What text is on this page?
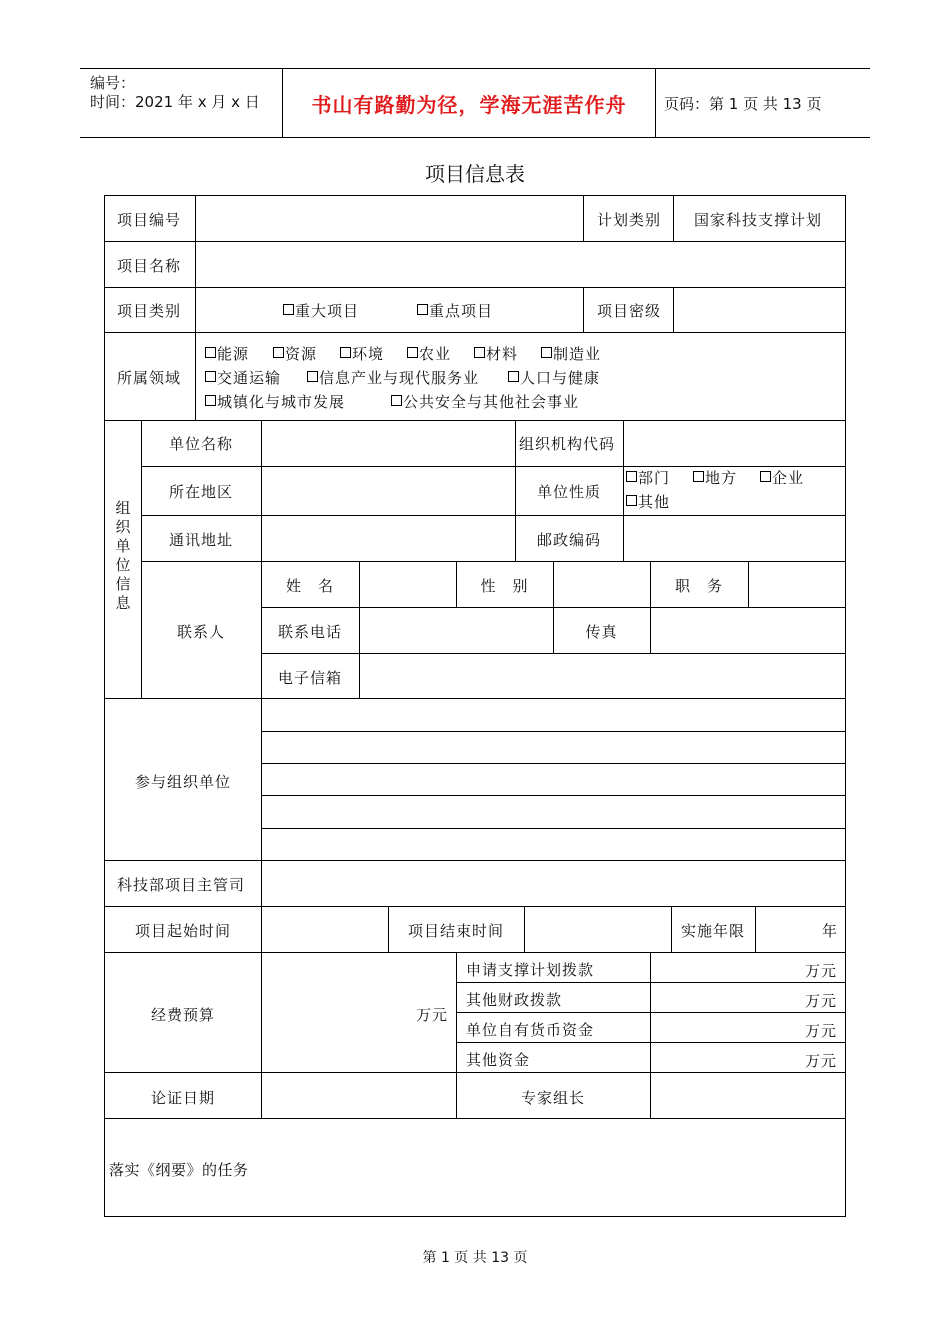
编号：
时间：2021 年 x 月 x 日	书山有路勤为径，学海无涯苦作舟	页码：第 1 页 共 13 页
项目信息表
项目编号	计划类别 国家科技支撑计划
项目名称
项目类别	重大项目	重点项目	项目密级
所属领域
能源	资源	环境	农业	材料	制造业
交通运输	信息产业与现代服务业	人口与健康
城镇化与城市发展	公共安全与其他社会事业
组织单位信息
单位名称	组织机构代码
所在地区	单位性质
部门	地方	企业
其他
通讯地址	邮政编码
联系人
姓　名	性　别	职　务
联系电话	传真
电子信箱
参与组织单位
科技部项目主管司
项目起始时间	项目结束时间	实施年限	年
经费预算	万元
申请支撑计划拨款	万元
其他财政拨款	万元
单位自有货币资金	万元
其他资金	万元
论证日期	专家组长
落实《纲要》的任务
第 1 页 共 13 页
